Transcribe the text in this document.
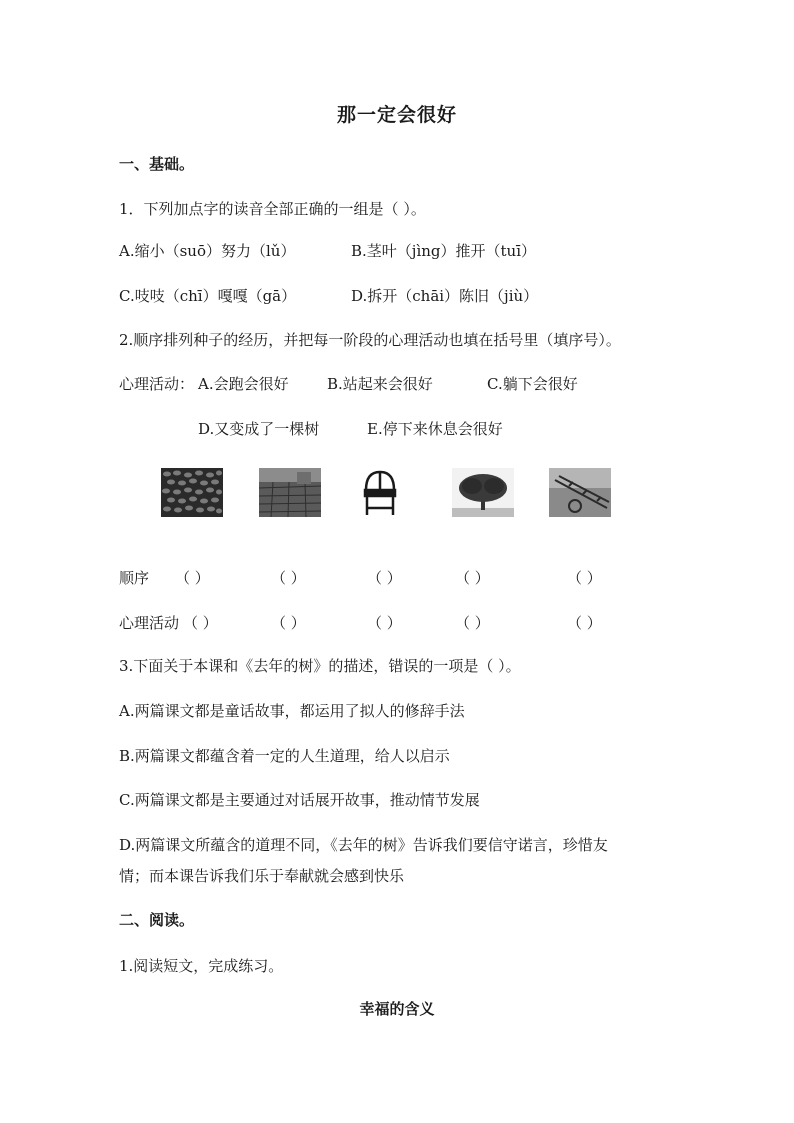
那一定会很好
一、基础。
1．下列加点字的读音全部正确的一组是（ ）。
A.缩小（suō）努力（lǔ）	B.茎叶（jìng）推开（tuī）
C.吱吱（chī）嘎嘎（gā）	D.拆开（chāi）陈旧（jiù）
2.顺序排列种子的经历，并把每一阶段的心理活动也填在括号里（填序号）。
心理活动： A.会跑会很好	B.站起来会很好	C.躺下会很好
D.又变成了一棵树	E.停下来休息会很好
顺序 （ ）	（ ）	（ ）	（ ）	（ ）
心理活动 （ ）	（ ）	（ ）	（ ）	（ ）
3.下面关于本课和《去年的树》的描述，错误的一项是（ ）。
A.两篇课文都是童话故事，都运用了拟人的修辞手法
B.两篇课文都蕴含着一定的人生道理，给人以启示
C.两篇课文都是主要通过对话展开故事，推动情节发展
D.两篇课文所蕴含的道理不同，《去年的树》告诉我们要信守诺言，珍惜友
情；而本课告诉我们乐于奉献就会感到快乐
二、阅读。
1.阅读短文，完成练习。
幸福的含义
